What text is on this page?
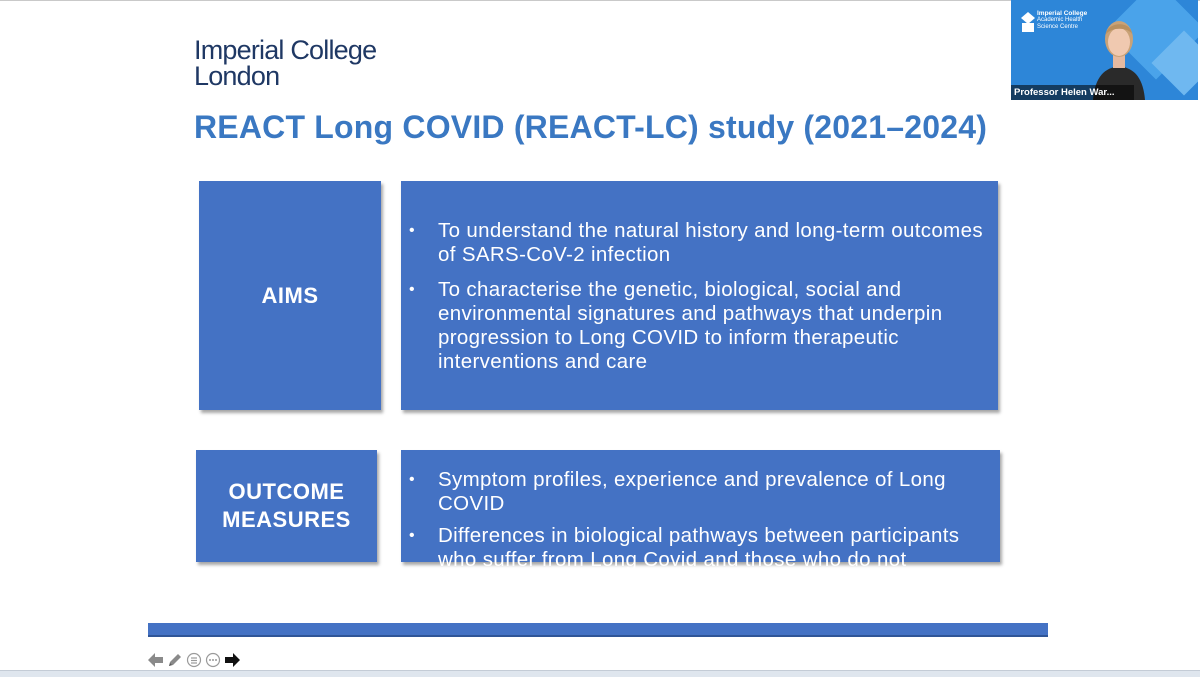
Imperial College
London
REACT Long COVID (REACT-LC) study (2021–2024)
AIMS
• To understand the natural history and long-term outcomes of SARS-CoV-2 infection
• To characterise the genetic, biological, social and environmental signatures and pathways that underpin progression to Long COVID to inform therapeutic interventions and care
OUTCOME
MEASURES
• Symptom profiles, experience and prevalence of Long COVID
• Differences in biological pathways between participants who suffer from Long Covid and those who do not
Imperial College
Academic Health
Science Centre
Professor Helen War...
